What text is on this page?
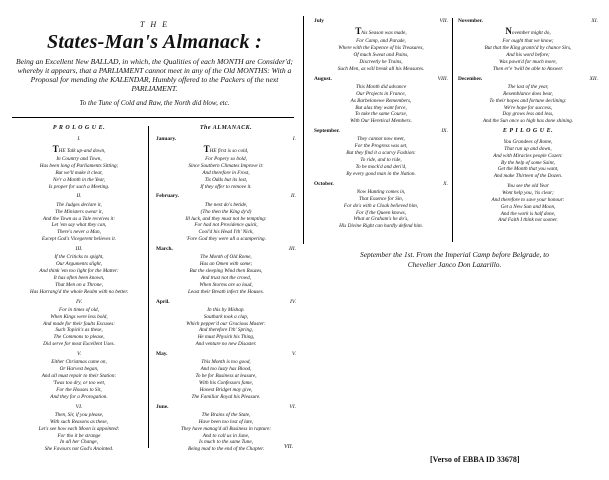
T H E
States-Man's Almanack :
Being an Excellent New BALLAD, in which, the Qualities of each MONTH are Consider'd; whereby it appears, that a PARLIAMENT cannot meet in any of the Old MONTHS: With a Proposal for mending the KALENDAR, Humbly offered to the Packers of the next PARLIAMENT.
To the Tune of Cold and Raw, the North did blow, etc.
P R O L O G U E.
I.
THE Talk up-and down,
In Country and Town,
Has been long of Parliaments Sitting;
But we'll make it clear,
Ne'r a Month in the Year,
Is proper for such a Meeting.
II.
The Judges declare it,
The Ministers swear it,
And the Town as a Tale receives it:
Let 'em say what they can,
There's never a Man,
Except God's Vicegerent believes it.
III.
If the Criticks to spight,
Our Arguments slight,
And think 'em too light for the Matter:
It has often been known,
That Men on a Throne,
Has Harrang'd the whole Realm with no better.
IV.
For in times of old,
When Kings were less bold,
And made for their faults Excuses:
Such Topick's as these,
The Commons to please,
Did serve for most Excellent Uses.
V.
Either Christmas came on,
Or Harvest began,
And all must repair to their Station:
'Twas too dry, or too wet,
For the Houses to Sit,
And they for a Prorogation.
VI.
Then, Sir, if you please,
With such Reasons as these,
Let's see how each Moon is appointed:
For tho it be strange
In all her Change,
She Favours not God's Anointed.
The ALMANACK.
January.	I.
THE first is so cold,
For Popery so bold,
Since Southern Climates Improve it:
And therefore in Frost,
Tis Odds but its lost,
If they offer to remove it.
February.	II.
The next do's betide,
(Tho then the King dy'd)
Ill luck, and they must not be tempting:
For had not Providence quick,
Cool'd his Head I'th' Nick,
'Fore God they were all a scampering.
March.	III.
The Month of Old Rome,
Has an Omen with some;
But the sleeping Wind then Rouzes,
And trust not the crowd,
When Storms are so loud,
Least their Breath infect the Houses.
April.	IV.
In this by Mishap.
Southark took a clap,
Which pepper'd our Gracious Master:
And therefore I'th' Spring,
He must Physick his Thing,
And venture no new Disaster.
May.	V.
This Month is too good,
And too lusty has Blood,
To be for Business at leasure,
With his Confessors fame,
Honest Bridget may give,
The Familiar Royal his Pleasure.
June.	VI.
The Brains of the State,
Have been too lost of late,
They have manag'd all Business in rapture:
And to call us in June,
Is much to the same Tune,
Being mad to the end of the Chapter.	VII.
July	VII.
This Season was made,
For Camp, and Parade,
Where with the Expence of his Treasures,
Of much Sweat and Pains,
Discreetly he Trains,
Such Men, as will break all his Measures.
August.	VIII.
This Month did advance
Our Projects in France,
As Barbelonewe Remembers,
But alas they want force,
To take the same Course,
With Our Heretical Members.
September.	IX.
They cannot now meet,
For the Progress was set,
But they find it a scurvy Fashion:
To ride, and to ride,
To be mock'd and deri'd,
By every good man in the Nation.
October.	X.
Now Hunting comes in,
That Essence for Sin,
For do's with a Cloak believed him,
For if the Queen knows,
What at Graham's he do's,
His Divine Right can hardly defend him.
November.	XI.
November might do,
For ought that we know;
But that the King grants'd by chance Sirs,
And his word before;
Was pawn'd for much more,
Then er'e 'twill be able to Answer.
December.	XII.
The last of the year,
Resemblance does bear,
To their hopes and fortune declining:
We're hope for success,
Day grows less and less,
And the Sun once so high has done shining.
E P I L O G U E.
You Grandees of Rome,
That run up and down,
And with Miracles people Cozen:
By the help of some Saint,
Get the Month that you want,
And make Thirteen of the Dozen.
You see the old Year
Wont help you, 'tis clear;
And therefore to save your honour:
Get a New Sun and Moon,
And the work is half done,
And Faith I think not sooner.
September the 1st. From the Imperial Camp before Belgrade, to
Chevelier Janco Don Lazarillo.
[Verso of EBBA ID 33678]
